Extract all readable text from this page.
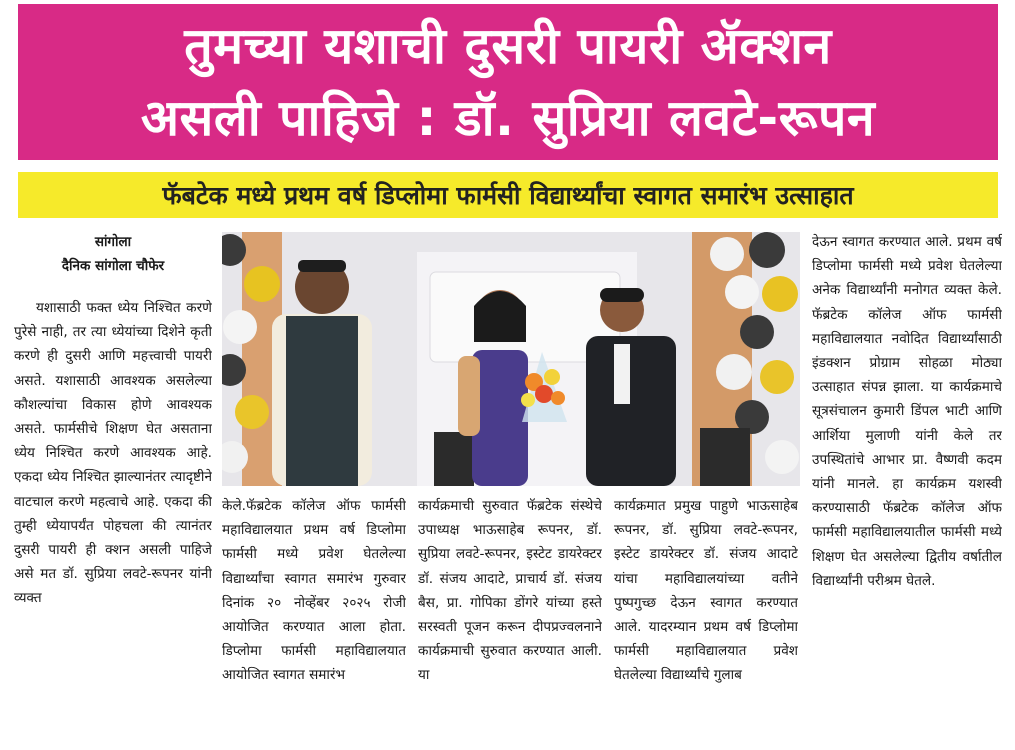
तुमच्या यशाची दुसरी पायरी ॲक्शन
असली पाहिजे : डॉ. सुप्रिया लवटे-रूपन
फॅबटेक मध्ये प्रथम वर्ष डिप्लोमा फार्मसी विद्यार्थ्यांचा स्वागत समारंभ उत्साहात
सांगोला
दैनिक सांगोला चौफेर
यशासाठी फक्त ध्येय निश्चित करणे पुरेसे नाही, तर त्या ध्येयांच्या दिशेने कृती करणे ही दुसरी आणि महत्त्वाची पायरी असते. यशासाठी आवश्यक असलेल्या कौशल्यांचा विकास होणे आवश्यक असते. फार्मसीचे शिक्षण घेत असताना ध्येय निश्चित करणे आवश्यक आहे. एकदा ध्येय निश्चित झाल्यानंतर त्यादृष्टीने वाटचाल करणे महत्वाचे आहे. एकदा की तुम्ही ध्येयापर्यंत पोहचला की त्यानंतर दुसरी पायरी ही क्शन असली पाहिजे असे मत डॉ. सुप्रिया लवटे-रूपनर यांनी व्यक्त
केले.फॅब्रटेक कॉलेज ऑफ फार्मसी महाविद्यालयात प्रथम वर्ष डिप्लोमा फार्मसी मध्ये प्रवेश घेतलेल्या विद्यार्थ्यांचा स्वागत समारंभ गुरुवार दिनांक २० नोव्हेंबर २०२५ रोजी आयोजित करण्यात आला होता. डिप्लोमा फार्मसी महाविद्यालयात आयोजित स्वागत समारंभ
कार्यक्रमाची सुरुवात फॅब्रटेक संस्थेचे उपाध्यक्ष भाऊसाहेब रूपनर, डॉ. सुप्रिया लवटे-रूपनर, इस्टेट डायरेक्टर डॉ. संजय आदाटे, प्राचार्य डॉ. संजय बैस, प्रा. गोपिका डोंगरे यांच्या हस्ते सरस्वती पूजन करून दीपप्रज्वलनाने कार्यक्रमाची सुरुवात करण्यात आली. या
कार्यक्रमात प्रमुख पाहुणे भाऊसाहेब रूपनर, डॉ. सुप्रिया लवटे-रूपनर, इस्टेट डायरेक्टर डॉ. संजय आदाटे यांचा महाविद्यालयांच्या वतीने पुष्पगुच्छ देऊन स्वागत करण्यात आले. यादरम्यान प्रथम वर्ष डिप्लोमा फार्मसी महाविद्यालयात प्रवेश घेतलेल्या विद्यार्थ्यांचे गुलाब
देऊन स्वागत करण्यात आले. प्रथम वर्ष डिप्लोमा फार्मसी मध्ये प्रवेश घेतलेल्या अनेक विद्यार्थ्यांनी मनोगत व्यक्त केले. फॅब्रटेक कॉलेज ऑफ फार्मसी महाविद्यालयात नवोदित विद्यार्थ्यांसाठी इंडक्शन प्रोग्राम सोहळा मोठ्या उत्साहात संपन्न झाला. या कार्यक्रमाचे सूत्रसंचालन कुमारी डिंपल भाटी आणि आर्शिया मुलाणी यांनी केले तर उपस्थितांचे आभार प्रा. वैष्णवी कदम यांनी मानले. हा कार्यक्रम यशस्वी करण्यासाठी फॅब्रटेक कॉलेज ऑफ फार्मसी महाविद्यालयातील फार्मसी मध्ये शिक्षण घेत असलेल्या द्वितीय वर्षातील विद्यार्थ्यांनी परीश्रम घेतले.
